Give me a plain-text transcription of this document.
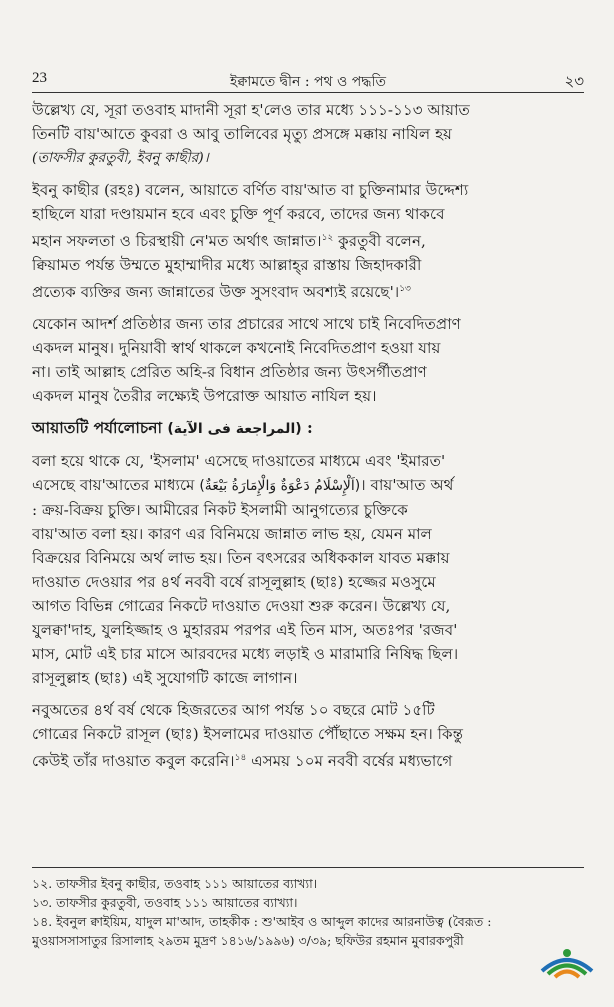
23	ইক্বামতে দ্বীন : পথ ও পদ্ধতি	২৩
উল্লেখ্য যে, সূরা তওবাহ মাদানী সূরা হ'লেও তার মধ্যে ১১১-১১৩ আয়াত
তিনটি বায়'আতে কুবরা ও আবু তালিবের মৃত্যু প্রসঙ্গে মক্কায় নাযিল হয়
(তাফসীর কুরতুবী, ইবনু কাছীর)।
ইবনু কাছীর (রহঃ) বলেন, আয়াতে বর্ণিত বায়'আত বা চুক্তিনামার উদ্দেশ্য
হাছিলে যারা দণ্ডায়মান হবে এবং চুক্তি পূর্ণ করবে, তাদের জন্য থাকবে
মহান সফলতা ও চিরস্থায়ী নে'মত অর্থাৎ জান্নাত।$^{১২}$ কুরতুবী বলেন,
ক্বিয়ামত পর্যন্ত উম্মতে মুহাম্মাদীর মধ্যে আল্লাহ্‌র রাস্তায় জিহাদকারী
প্রত্যেক ব্যক্তির জন্য জান্নাতের উক্ত সুসংবাদ অবশ্যই রয়েছে'।$^{১৩}$
যেকোন আদর্শ প্রতিষ্ঠার জন্য তার প্রচারের সাথে সাথে চাই নিবেদিতপ্রাণ
একদল মানুষ। দুনিয়াবী স্বার্থ থাকলে কখনোই নিবেদিতপ্রাণ হওয়া যায়
না। তাই আল্লাহ প্রেরিত অহি-র বিধান প্রতিষ্ঠার জন্য উৎসর্গীতপ্রাণ
একদল মানুষ তৈরীর লক্ষ্যেই উপরোক্ত আয়াত নাযিল হয়।
আয়াতটি পর্যালোচনা (المراجعة فى الآية) :
বলা হয়ে থাকে যে, 'ইসলাম' এসেছে দাওয়াতের মাধ্যমে এবং 'ইমারত'
এসেছে বায়'আতের মাধ্যমে (اَلْإِسْلَامُ دَعْوَةٌ وَالْإِمَارَةُ بَيْعَةٌ)। বায়'আত অর্থ
: ক্রয়-বিক্রয় চুক্তি। আমীরের নিকট ইসলামী আনুগত্যের চুক্তিকে
বায়'আত বলা হয়। কারণ এর বিনিময়ে জান্নাত লাভ হয়, যেমন মাল
বিক্রয়ের বিনিময়ে অর্থ লাভ হয়। তিন বৎসরের অধিককাল যাবত মক্কায়
দাওয়াত দেওয়ার পর ৪র্থ নববী বর্ষে রাসূলুল্লাহ (ছাঃ) হজ্জের মওসুমে
আগত বিভিন্ন গোত্রের নিকটে দাওয়াত দেওয়া শুরু করেন। উল্লেখ্য যে,
যুলক্বা'দাহ, যুলহিজ্জাহ ও মুহাররম পরপর এই তিন মাস, অতঃপর 'রজব'
মাস, মোট এই চার মাসে আরবদের মধ্যে লড়াই ও মারামারি নিষিদ্ধ ছিল।
রাসূলুল্লাহ (ছাঃ) এই সুযোগটি কাজে লাগান।
নবুঅতের ৪র্থ বর্ষ থেকে হিজরতের আগ পর্যন্ত ১০ বছরে মোট ১৫টি
গোত্রের নিকটে রাসূল (ছাঃ) ইসলামের দাওয়াত পৌঁছাতে সক্ষম হন। কিন্তু
কেউই তাঁর দাওয়াত কবুল করেনি।$^{১৪}$ এসময় ১০ম নববী বর্ষের মধ্যভাগে
১২. তাফসীর ইবনু কাছীর, তওবাহ ১১১ আয়াতের ব্যাখ্যা।
১৩. তাফসীর কুরতুবী, তওবাহ ১১১ আয়াতের ব্যাখ্যা।
১৪. ইবনুল ক্বাইয়িম, যাদুল মা'আদ, তাহকীক : শু'আইব ও আব্দুল কাদের আরনাউত্ব (বৈরূত :
মুওয়াসসাসাতুর রিসালাহ ২৯তম মুদ্রণ ১৪১৬/১৯৯৬) ৩/৩৯; ছফিউর রহমান মুবারকপুরী
